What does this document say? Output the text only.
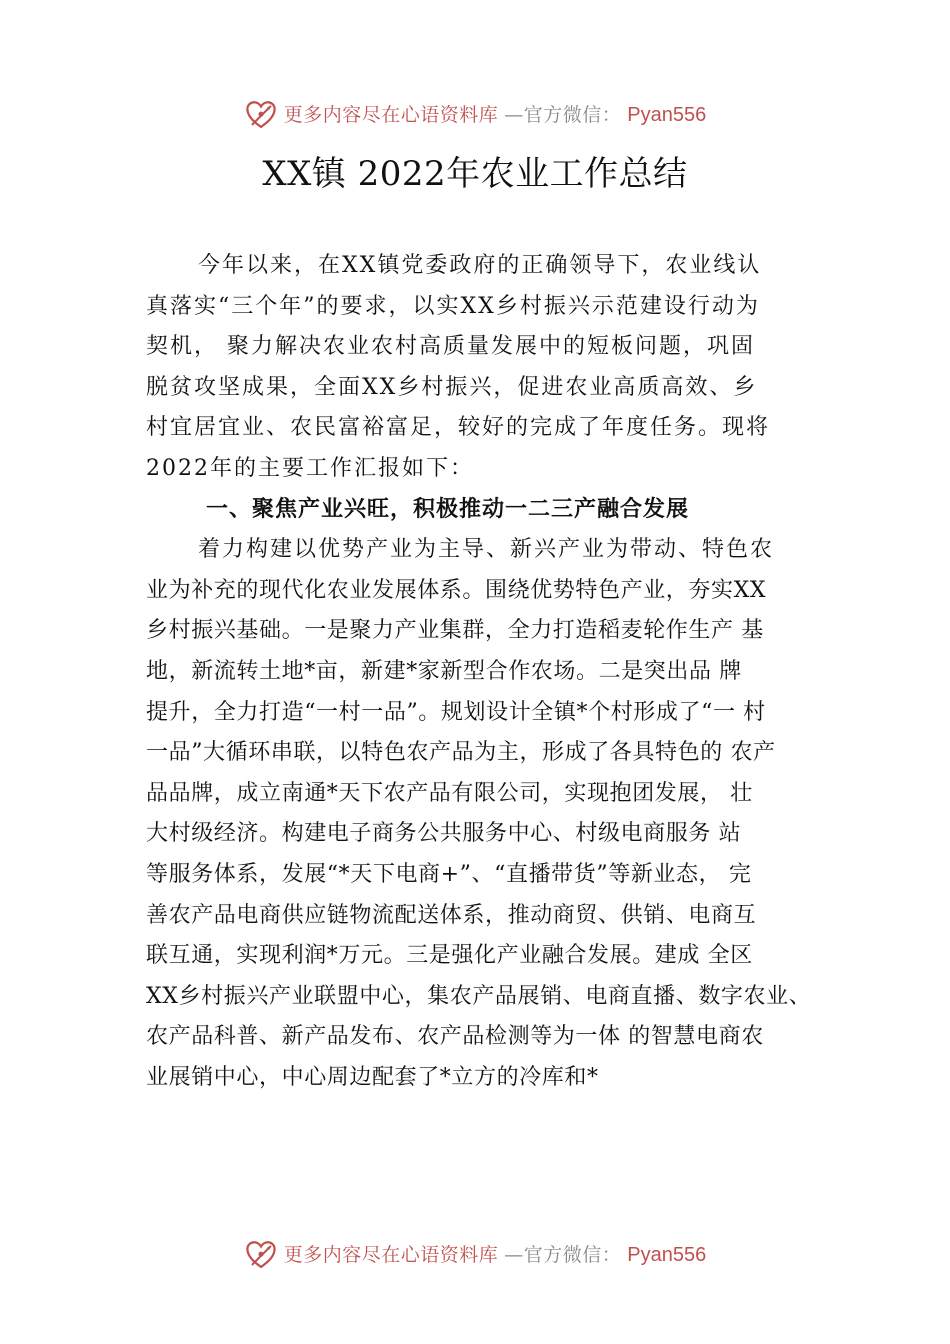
更多内容尽在心语资料库 —官方微信： Pyan556
XX镇 2022年农业工作总结
今年以来，在XX镇党委政府的正确领导下，农业线认
真落实“三个年”的要求，以实XX乡村振兴示范建设行动为
契机， 聚力解决农业农村高质量发展中的短板问题，巩固
脱贫攻坚成果，全面XX乡村振兴，促进农业高质高效、乡
村宜居宜业、农民富裕富足，较好的完成了年度任务。现将
2022年的主要工作汇报如下：
一、聚焦产业兴旺，积极推动一二三产融合发展
着力构建以优势产业为主导、新兴产业为带动、特色农
业为补充的现代化农业发展体系。围绕优势特色产业，夯实XX
乡村振兴基础。一是聚力产业集群，全力打造稻麦轮作生产 基
地，新流转土地*亩，新建*家新型合作农场。二是突出品 牌
提升，全力打造“一村一品”。规划设计全镇*个村形成了“一 村
一品”大循环串联，以特色农产品为主，形成了各具特色的 农产
品品牌，成立南通*天下农产品有限公司，实现抱团发展， 壮
大村级经济。构建电子商务公共服务中心、村级电商服务 站
等服务体系，发展“*天下电商+”、“直播带货”等新业态， 完
善农产品电商供应链物流配送体系，推动商贸、供销、电商互
联互通，实现利润*万元。三是强化产业融合发展。建成 全区
XX乡村振兴产业联盟中心，集农产品展销、电商直播、数字农业、
农产品科普、新产品发布、农产品检测等为一体 的智慧电商农
业展销中心，中心周边配套了*立方的冷库和*
更多内容尽在心语资料库 —官方微信： Pyan556
